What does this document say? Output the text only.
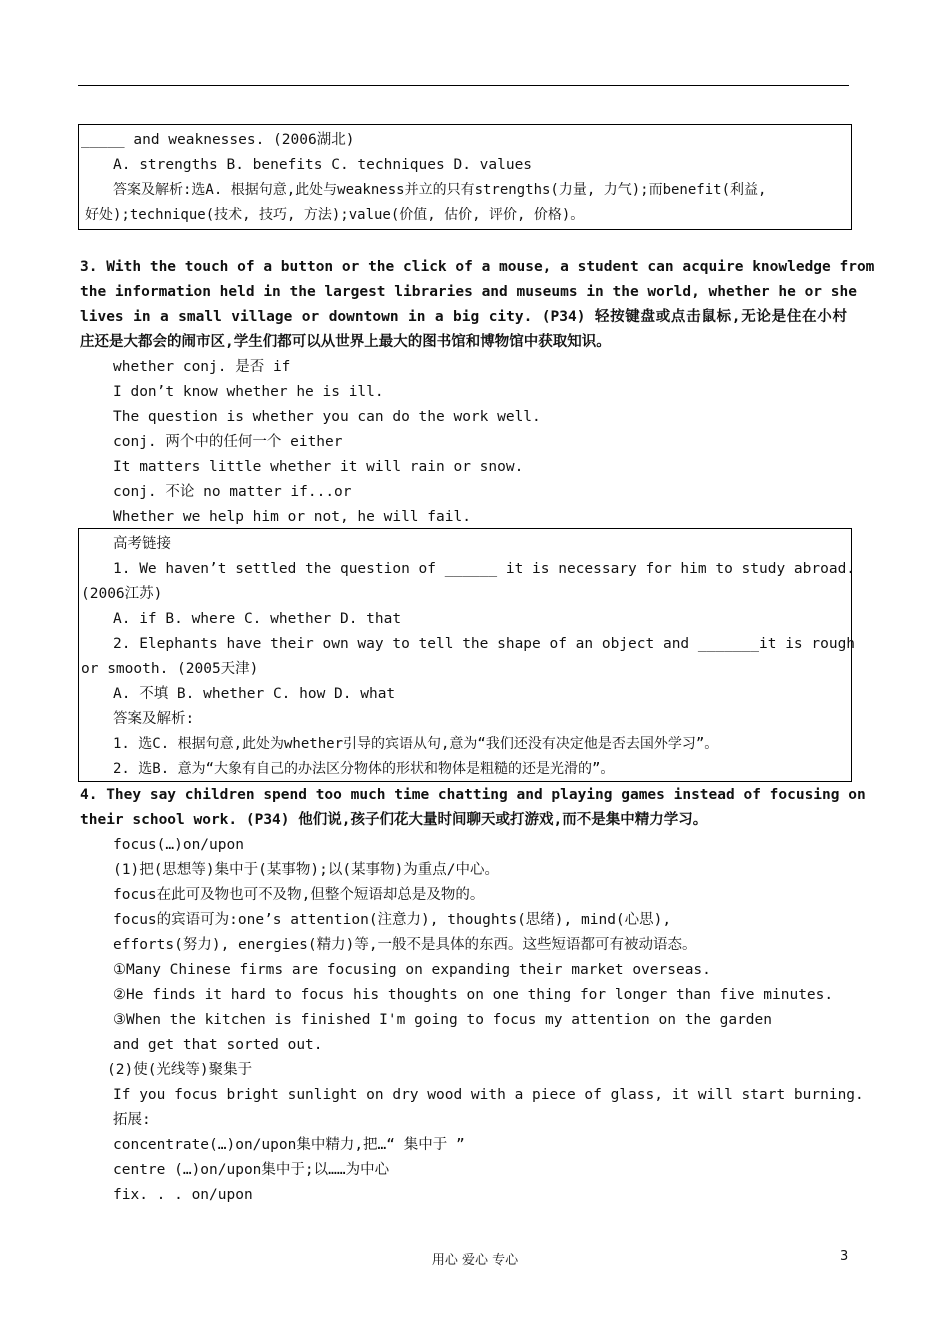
_____ and weaknesses. (2006湖北)
A. strengths B. benefits C. techniques D. values
答案及解析:选A. 根据句意,此处与weakness并立的只有strengths(力量, 力气);而benefit(利益,
好处);technique(技术, 技巧, 方法);value(价值, 估价, 评价, 价格)。
3. With the touch of a button or the click of a mouse, a student can acquire knowledge from
the information held in the largest libraries and museums in the world, whether he or she
lives in a small village or downtown in a big city. (P34) 轻按键盘或点击鼠标,无论是住在小村
庄还是大都会的闹市区,学生们都可以从世界上最大的图书馆和博物馆中获取知识。
whether conj. 是否 if
I don’t know whether he is ill.
The question is whether you can do the work well.
conj. 两个中的任何一个 either
It matters little whether it will rain or snow.
conj. 不论 no matter if...or
Whether we help him or not, he will fail.
高考链接
1. We haven’t settled the question of ______ it is necessary for him to study abroad.
(2006江苏)
A. if B. where C. whether D. that
2. Elephants have their own way to tell the shape of an object and _______it is rough
or smooth. (2005天津)
A. 不填 B. whether C. how D. what
答案及解析:
1. 选C. 根据句意,此处为whether引导的宾语从句,意为“我们还没有决定他是否去国外学习”。
2. 选B. 意为“大象有自己的办法区分物体的形状和物体是粗糙的还是光滑的”。
4. They say children spend too much time chatting and playing games instead of focusing on
their school work. (P34) 他们说,孩子们花大量时间聊天或打游戏,而不是集中精力学习。
focus(…)on/upon
(1)把(思想等)集中于(某事物);以(某事物)为重点/中心。
focus在此可及物也可不及物,但整个短语却总是及物的。
focus的宾语可为:one’s attention(注意力), thoughts(思绪), mind(心思),
efforts(努力), energies(精力)等,一般不是具体的东西。这些短语都可有被动语态。
①Many Chinese firms are focusing on expanding their market overseas.
②He finds it hard to focus his thoughts on one thing for longer than five minutes.
③When the kitchen is finished I'm going to focus my attention on the garden
and get that sorted out.
(2)使(光线等)聚集于
If you focus bright sunlight on dry wood with a piece of glass, it will start burning.
拓展:
concentrate(…)on/upon集中精力,把…“ 集中于 ”
centre (…)on/upon集中于;以……为中心
fix. . . on/upon
用心 爱心 专心	3
